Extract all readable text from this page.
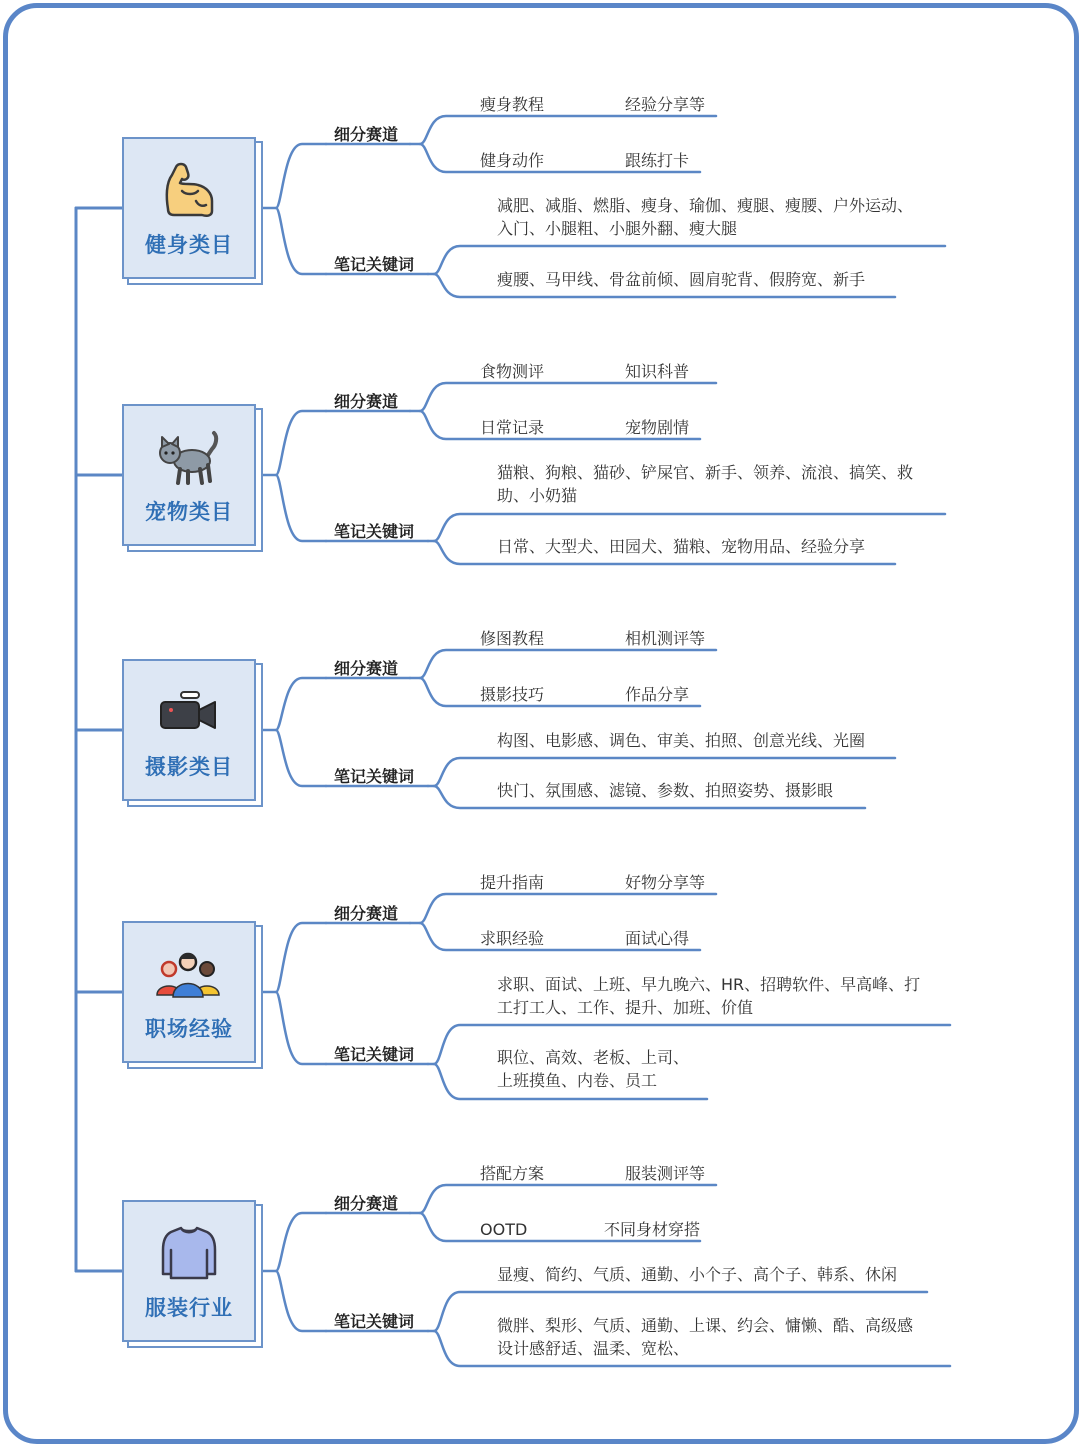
健身类目
细分赛道
笔记关键词
瘦身教程	经验分享等
健身动作	跟练打卡
减肥、减脂、燃脂、瘦身、瑜伽、瘦腿、瘦腰、户外运动、
入门、小腿粗、小腿外翻、瘦大腿
瘦腰、马甲线、骨盆前倾、圆肩驼背、假胯宽、新手
宠物类目
细分赛道
笔记关键词
食物测评	知识科普
日常记录	宠物剧情
猫粮、狗粮、猫砂、铲屎官、新手、领养、流浪、搞笑、救
助、小奶猫
日常、大型犬、田园犬、猫粮、宠物用品、经验分享
摄影类目
细分赛道
笔记关键词
修图教程	相机测评等
摄影技巧	作品分享
构图、电影感、调色、审美、拍照、创意光线、光圈
快门、氛围感、滤镜、参数、拍照姿势、摄影眼
职场经验
细分赛道
笔记关键词
提升指南	好物分享等
求职经验	面试心得
求职、面试、上班、早九晚六、HR、招聘软件、早高峰、打
工打工人、工作、提升、加班、价值
职位、高效、老板、上司、
上班摸鱼、内卷、员工
服装行业
细分赛道
笔记关键词
搭配方案	服装测评等
OOTD	不同身材穿搭
显瘦、简约、气质、通勤、小个子、高个子、韩系、休闲
微胖、梨形、气质、通勤、上课、约会、慵懒、酷、高级感
设计感舒适、温柔、宽松、
